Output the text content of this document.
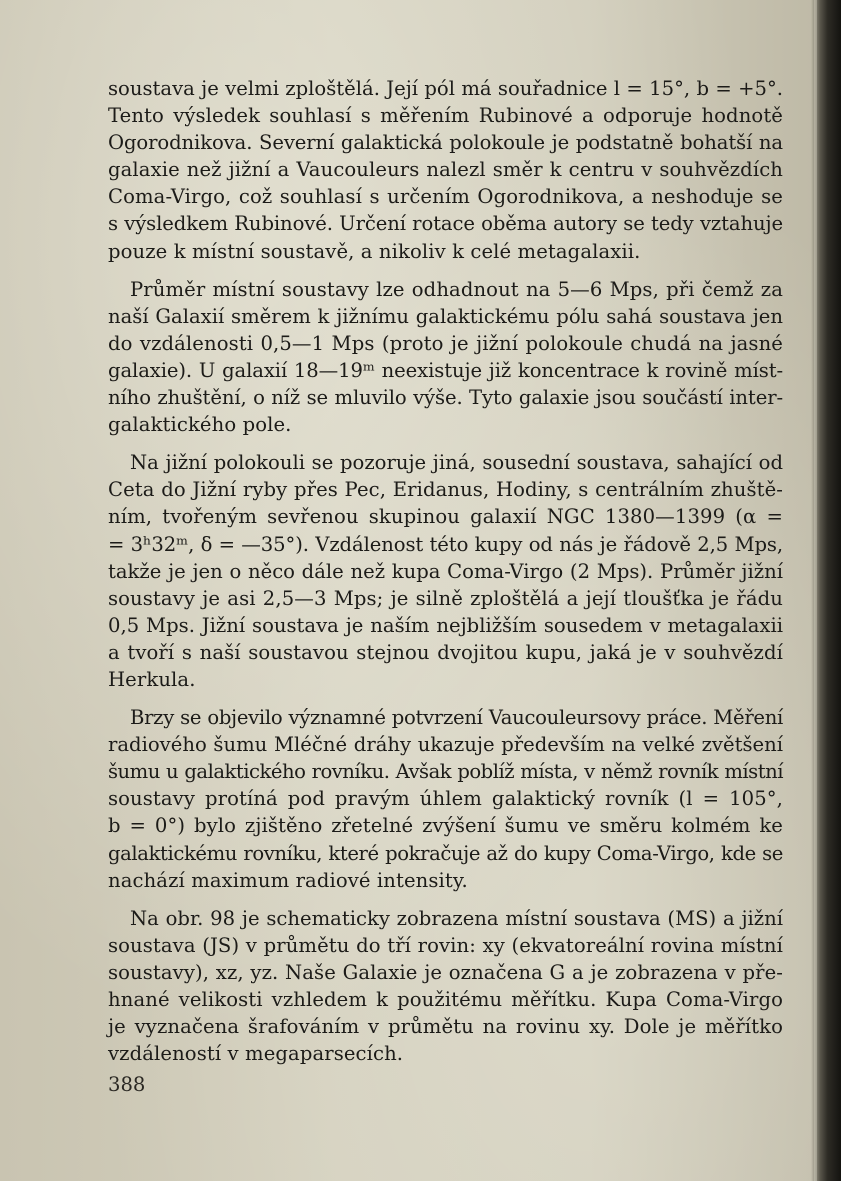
soustava je velmi zploštělá. Její pól má souřadnice l = 15°, b = +5°.
Tento výsledek souhlasí s měřením Rubinové a odporuje hodnotě
Ogorodnikova. Severní galaktická polokoule je podstatně bohatší na
galaxie než jižní a Vaucouleurs nalezl směr k centru v souhvězdích
Coma-Virgo, což souhlasí s určením Ogorodnikova, a neshoduje se
s výsledkem Rubinové. Určení rotace oběma autory se tedy vztahuje
pouze k místní soustavě, a nikoliv k celé metagalaxii.
Průměr místní soustavy lze odhadnout na 5—6 Mps, při čemž za
naší Galaxií směrem k jižnímu galaktickému pólu sahá soustava jen
do vzdálenosti 0,5—1 Mps (proto je jižní polokoule chudá na jasné
galaxie). U galaxií 18—19ᵐ neexistuje již koncentrace k rovině míst-
ního zhuštění, o níž se mluvilo výše. Tyto galaxie jsou součástí inter-
galaktického pole.
Na jižní polokouli se pozoruje jiná, sousední soustava, sahající od
Ceta do Jižní ryby přes Pec, Eridanus, Hodiny, s centrálním zhuště-
ním, tvořeným sevřenou skupinou galaxií NGC 1380—1399 (α =
= 3ʰ32ᵐ, δ = —35°). Vzdálenost této kupy od nás je řádově 2,5 Mps,
takže je jen o něco dále než kupa Coma-Virgo (2 Mps). Průměr jižní
soustavy je asi 2,5—3 Mps; je silně zploštělá a její tloušťka je řádu
0,5 Mps. Jižní soustava je naším nejbližším sousedem v metagalaxii
a tvoří s naší soustavou stejnou dvojitou kupu, jaká je v souhvězdí
Herkula.
Brzy se objevilo významné potvrzení Vaucouleursovy práce. Měření
radiového šumu Mléčné dráhy ukazuje především na velké zvětšení
šumu u galaktického rovníku. Avšak poblíž místa, v němž rovník místní
soustavy protíná pod pravým úhlem galaktický rovník (l = 105°,
b = 0°) bylo zjištěno zřetelné zvýšení šumu ve směru kolmém ke
galaktickému rovníku, které pokračuje až do kupy Coma-Virgo, kde se
nachází maximum radiové intensity.
Na obr. 98 je schematicky zobrazena místní soustava (MS) a jižní
soustava (JS) v průmětu do tří rovin: xy (ekvatoreální rovina místní
soustavy), xz, yz. Naše Galaxie je označena G a je zobrazena v pře-
hnané velikosti vzhledem k použitému měřítku. Kupa Coma-Virgo
je vyznačena šrafováním v průmětu na rovinu xy. Dole je měřítko
vzdáleností v megaparsecích.
388
